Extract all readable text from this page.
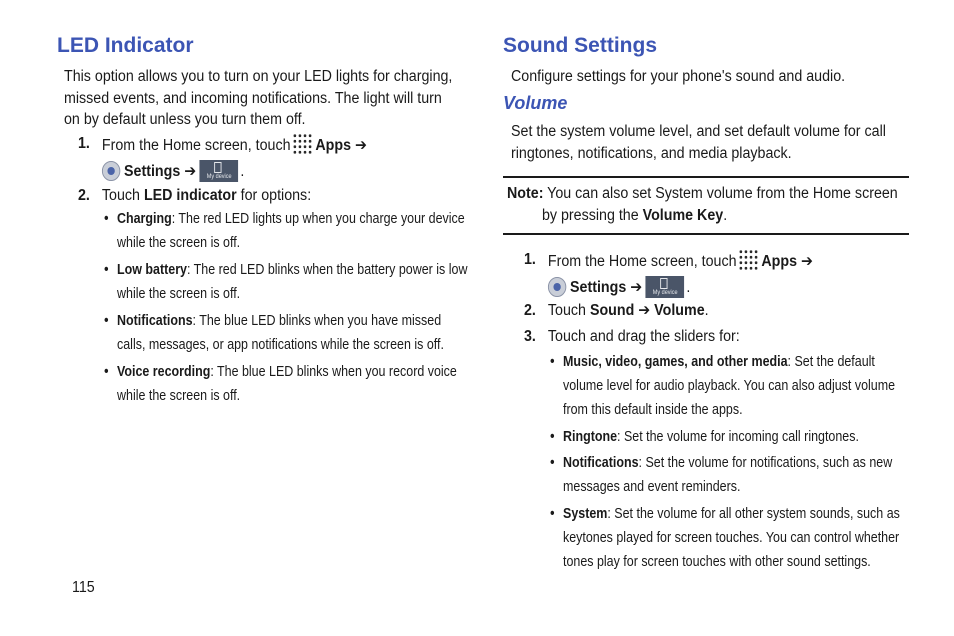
LED Indicator
This option allows you to turn on your LED lights for charging,
missed events, and incoming notifications. The light will turn
on by default unless you turn them off.
1. From the Home screen, touch Apps ➔
Settings ➔	My device .
2. Touch LED indicator for options:
• Charging: The red LED lights up when you charge your device
while the screen is off.
• Low battery: The red LED blinks when the battery power is low
while the screen is off.
• Notifications: The blue LED blinks when you have missed
calls, messages, or app notifications while the screen is off.
• Voice recording: The blue LED blinks when you record voice
while the screen is off.
115
Sound Settings
Configure settings for your phone's sound and audio.
Volume
Set the system volume level, and set default volume for call
ringtones, notifications, and media playback.
Note: You can also set System volume from the Home screen
by pressing the Volume Key.
1. From the Home screen, touch Apps ➔
Settings ➔	My device .
2. Touch Sound ➔ Volume.
3. Touch and drag the sliders for:
• Music, video, games, and other media: Set the default
volume level for audio playback. You can also adjust volume
from this default inside the apps.
• Ringtone: Set the volume for incoming call ringtones.
• Notifications: Set the volume for notifications, such as new
messages and event reminders.
• System: Set the volume for all other system sounds, such as
keytones played for screen touches. You can control whether
tones play for screen touches with other sound settings.
